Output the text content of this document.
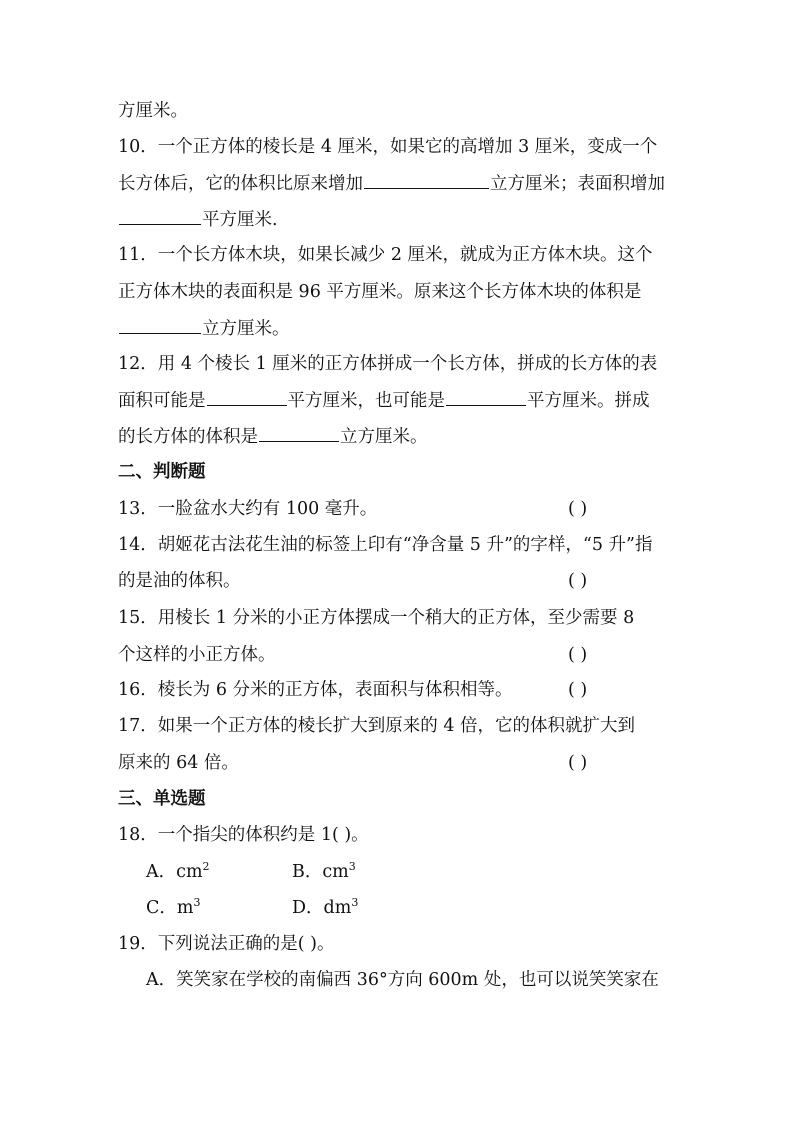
方厘米。
10．一个正方体的棱长是 4 厘米，如果它的高增加 3 厘米，变成一个
长方体后，它的体积比原来增加	立方厘米；表面积增加
平方厘米.
11．一个长方体木块，如果长减少 2 厘米，就成为正方体木块。这个
正方体木块的表面积是 96 平方厘米。原来这个长方体木块的体积是
立方厘米。
12．用 4 个棱长 1 厘米的正方体拼成一个长方体，拼成的长方体的表
面积可能是	平方厘米，也可能是	平方厘米。拼成
的长方体的体积是	立方厘米。
二、判断题
13．一脸盆水大约有 100 毫升。	( )
14．胡姬花古法花生油的标签上印有“净含量 5 升”的字样，“5 升”指
的是油的体积。	( )
15．用棱长 1 分米的小正方体摆成一个稍大的正方体，至少需要 8
个这样的小正方体。	( )
16．棱长为 6 分米的正方体，表面积与体积相等。	( )
17．如果一个正方体的棱长扩大到原来的 4 倍，它的体积就扩大到
原来的 64 倍。	( )
三、单选题
18．一个指尖的体积约是 1( )。
A．$cm^2$	B．$cm^3$
C．$m^3$	D．$dm^3$
19．下列说法正确的是( )。
A．笑笑家在学校的南偏西 36°方向 600m 处，也可以说笑笑家在
